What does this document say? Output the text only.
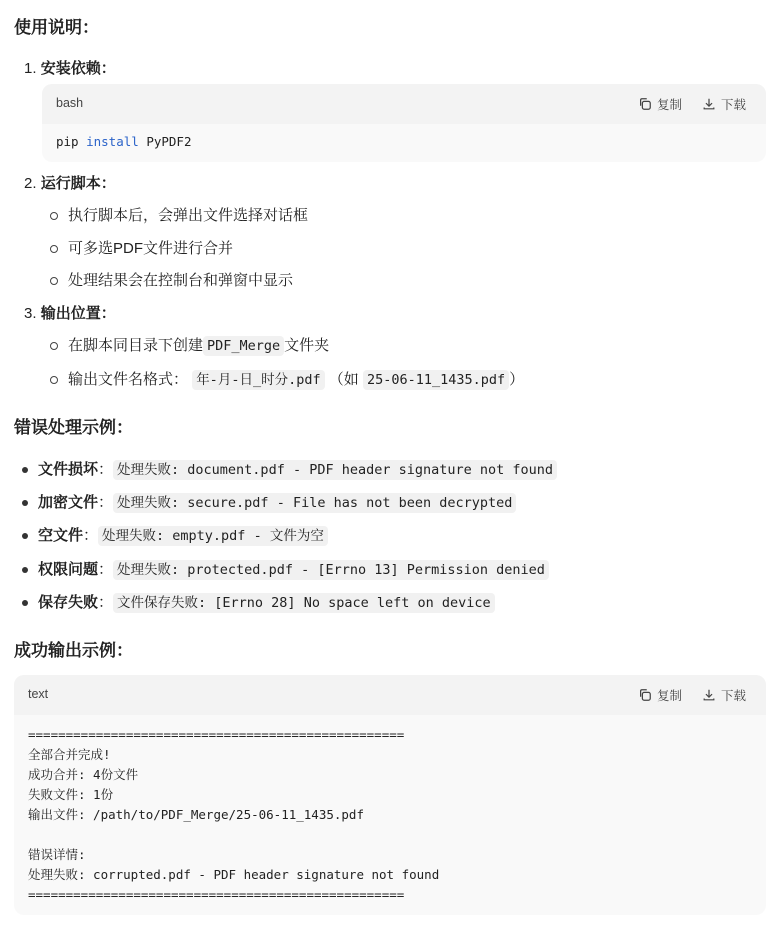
使用说明：
1. 安装依赖：
bash	复制	下载
pip install PyPDF2
2. 运行脚本：
执行脚本后，会弹出文件选择对话框
可多选PDF文件进行合并
处理结果会在控制台和弹窗中显示
3. 输出位置：
在脚本同目录下创建 PDF_Merge 文件夹
输出文件名格式： 年-月-日_时分.pdf （如 25-06-11_1435.pdf ）
错误处理示例：
文件损坏： 处理失败: document.pdf - PDF header signature not found
加密文件： 处理失败: secure.pdf - File has not been decrypted
空文件： 处理失败: empty.pdf - 文件为空
权限问题： 处理失败: protected.pdf - [Errno 13] Permission denied
保存失败： 文件保存失败: [Errno 28] No space left on device
成功输出示例：
text	复制	下载
==================================================
全部合并完成!
成功合并: 4份文件
失败文件: 1份
输出文件: /path/to/PDF_Merge/25-06-11_1435.pdf
错误详情:
处理失败: corrupted.pdf - PDF header signature not found
==================================================
